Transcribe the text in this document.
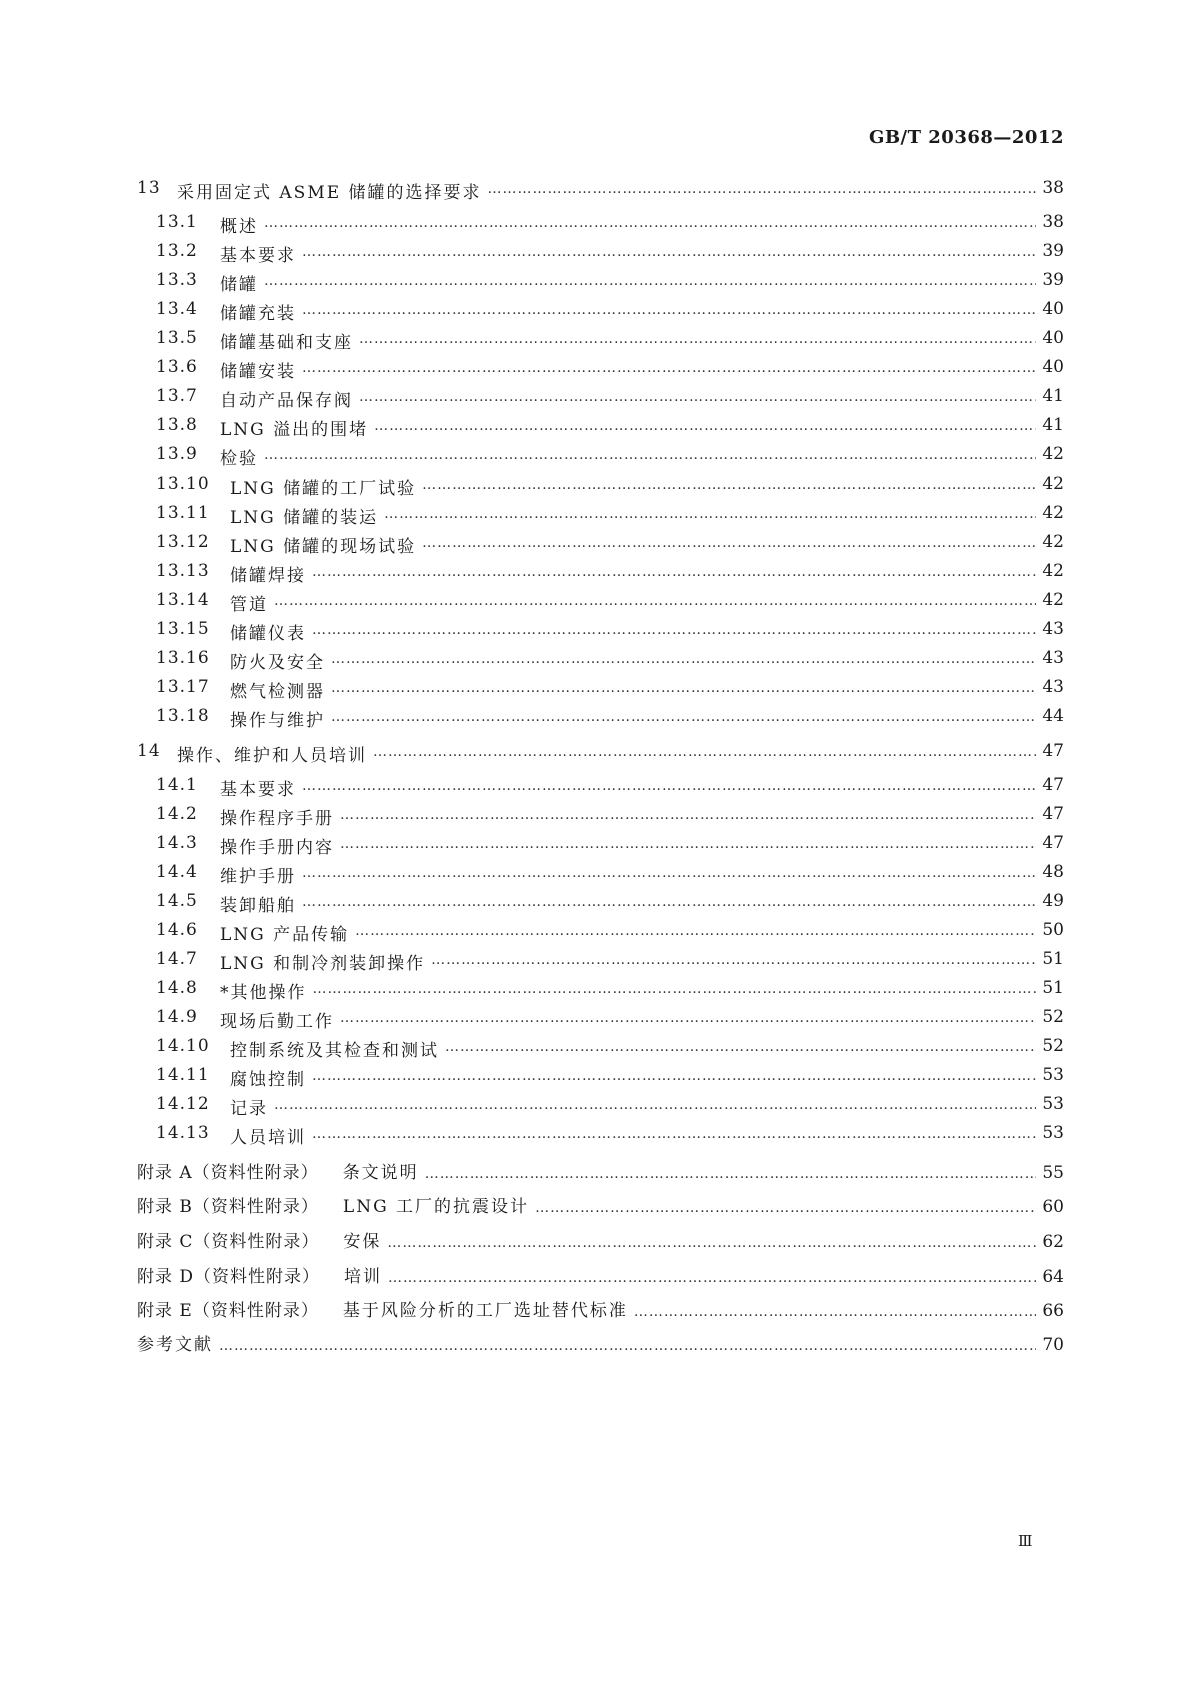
GB/T 20368—2012
13 采用固定式 ASME 储罐的选择要求 ……………………………………………………………………………………………………………………………………………………………………………………………………………………………………………………………………………………	38
13.1	概述 ……………………………………………………………………………………………………………………………………………………………………………………………………………………………………………………………………………………	38
13.2	基本要求 ……………………………………………………………………………………………………………………………………………………………………………………………………………………………………………………………………………………	39
13.3	储罐 ……………………………………………………………………………………………………………………………………………………………………………………………………………………………………………………………………………………	39
13.4	储罐充装 ……………………………………………………………………………………………………………………………………………………………………………………………………………………………………………………………………………………	40
13.5	储罐基础和支座 ……………………………………………………………………………………………………………………………………………………………………………………………………………………………………………………………………………………	40
13.6	储罐安装 ……………………………………………………………………………………………………………………………………………………………………………………………………………………………………………………………………………………	40
13.7	自动产品保存阀 ……………………………………………………………………………………………………………………………………………………………………………………………………………………………………………………………………………………	41
13.8	LNG 溢出的围堵 ……………………………………………………………………………………………………………………………………………………………………………………………………………………………………………………………………………………	41
13.9	检验 ……………………………………………………………………………………………………………………………………………………………………………………………………………………………………………………………………………………	42
13.10	LNG 储罐的工厂试验 ……………………………………………………………………………………………………………………………………………………………………………………………………………………………………………………………………………………	42
13.11	LNG 储罐的装运 ……………………………………………………………………………………………………………………………………………………………………………………………………………………………………………………………………………………	42
13.12	LNG 储罐的现场试验 ……………………………………………………………………………………………………………………………………………………………………………………………………………………………………………………………………………………	42
13.13	储罐焊接 ……………………………………………………………………………………………………………………………………………………………………………………………………………………………………………………………………………………	42
13.14	管道 ……………………………………………………………………………………………………………………………………………………………………………………………………………………………………………………………………………………	42
13.15	储罐仪表 ……………………………………………………………………………………………………………………………………………………………………………………………………………………………………………………………………………………	43
13.16	防火及安全 ……………………………………………………………………………………………………………………………………………………………………………………………………………………………………………………………………………………	43
13.17	燃气检测器 ……………………………………………………………………………………………………………………………………………………………………………………………………………………………………………………………………………………	43
13.18	操作与维护 ……………………………………………………………………………………………………………………………………………………………………………………………………………………………………………………………………………………	44
14 操作、维护和人员培训 ……………………………………………………………………………………………………………………………………………………………………………………………………………………………………………………………………………………	47
14.1	基本要求 ……………………………………………………………………………………………………………………………………………………………………………………………………………………………………………………………………………………	47
14.2	操作程序手册 ……………………………………………………………………………………………………………………………………………………………………………………………………………………………………………………………………………………	47
14.3	操作手册内容 ……………………………………………………………………………………………………………………………………………………………………………………………………………………………………………………………………………………	47
14.4	维护手册 ……………………………………………………………………………………………………………………………………………………………………………………………………………………………………………………………………………………	48
14.5	装卸船舶 ……………………………………………………………………………………………………………………………………………………………………………………………………………………………………………………………………………………	49
14.6	LNG 产品传输 ……………………………………………………………………………………………………………………………………………………………………………………………………………………………………………………………………………………	50
14.7	LNG 和制冷剂装卸操作 ……………………………………………………………………………………………………………………………………………………………………………………………………………………………………………………………………………………	51
14.8	*其他操作 ……………………………………………………………………………………………………………………………………………………………………………………………………………………………………………………………………………………	51
14.9	现场后勤工作 ……………………………………………………………………………………………………………………………………………………………………………………………………………………………………………………………………………………	52
14.10	控制系统及其检查和测试 ……………………………………………………………………………………………………………………………………………………………………………………………………………………………………………………………………………………	52
14.11	腐蚀控制 ……………………………………………………………………………………………………………………………………………………………………………………………………………………………………………………………………………………	53
14.12	记录 ……………………………………………………………………………………………………………………………………………………………………………………………………………………………………………………………………………………	53
14.13	人员培训 ……………………………………………………………………………………………………………………………………………………………………………………………………………………………………………………………………………………	53
附录 A（资料性附录） 条文说明 ……………………………………………………………………………………………………………………………………………………………………………………………………………………………………………………………………………………	55
附录 B（资料性附录） LNG 工厂的抗震设计 ……………………………………………………………………………………………………………………………………………………………………………………………………………………………………………………………………………………	60
附录 C（资料性附录） 安保 ……………………………………………………………………………………………………………………………………………………………………………………………………………………………………………………………………………………	62
附录 D（资料性附录） 培训 ……………………………………………………………………………………………………………………………………………………………………………………………………………………………………………………………………………………	64
附录 E（资料性附录） 基于风险分析的工厂选址替代标准 ……………………………………………………………………………………………………………………………………………………………………………………………………………………………………………………………………………………	66
参考文献 ……………………………………………………………………………………………………………………………………………………………………………………………………………………………………………………………………………………	70
Ⅲ
